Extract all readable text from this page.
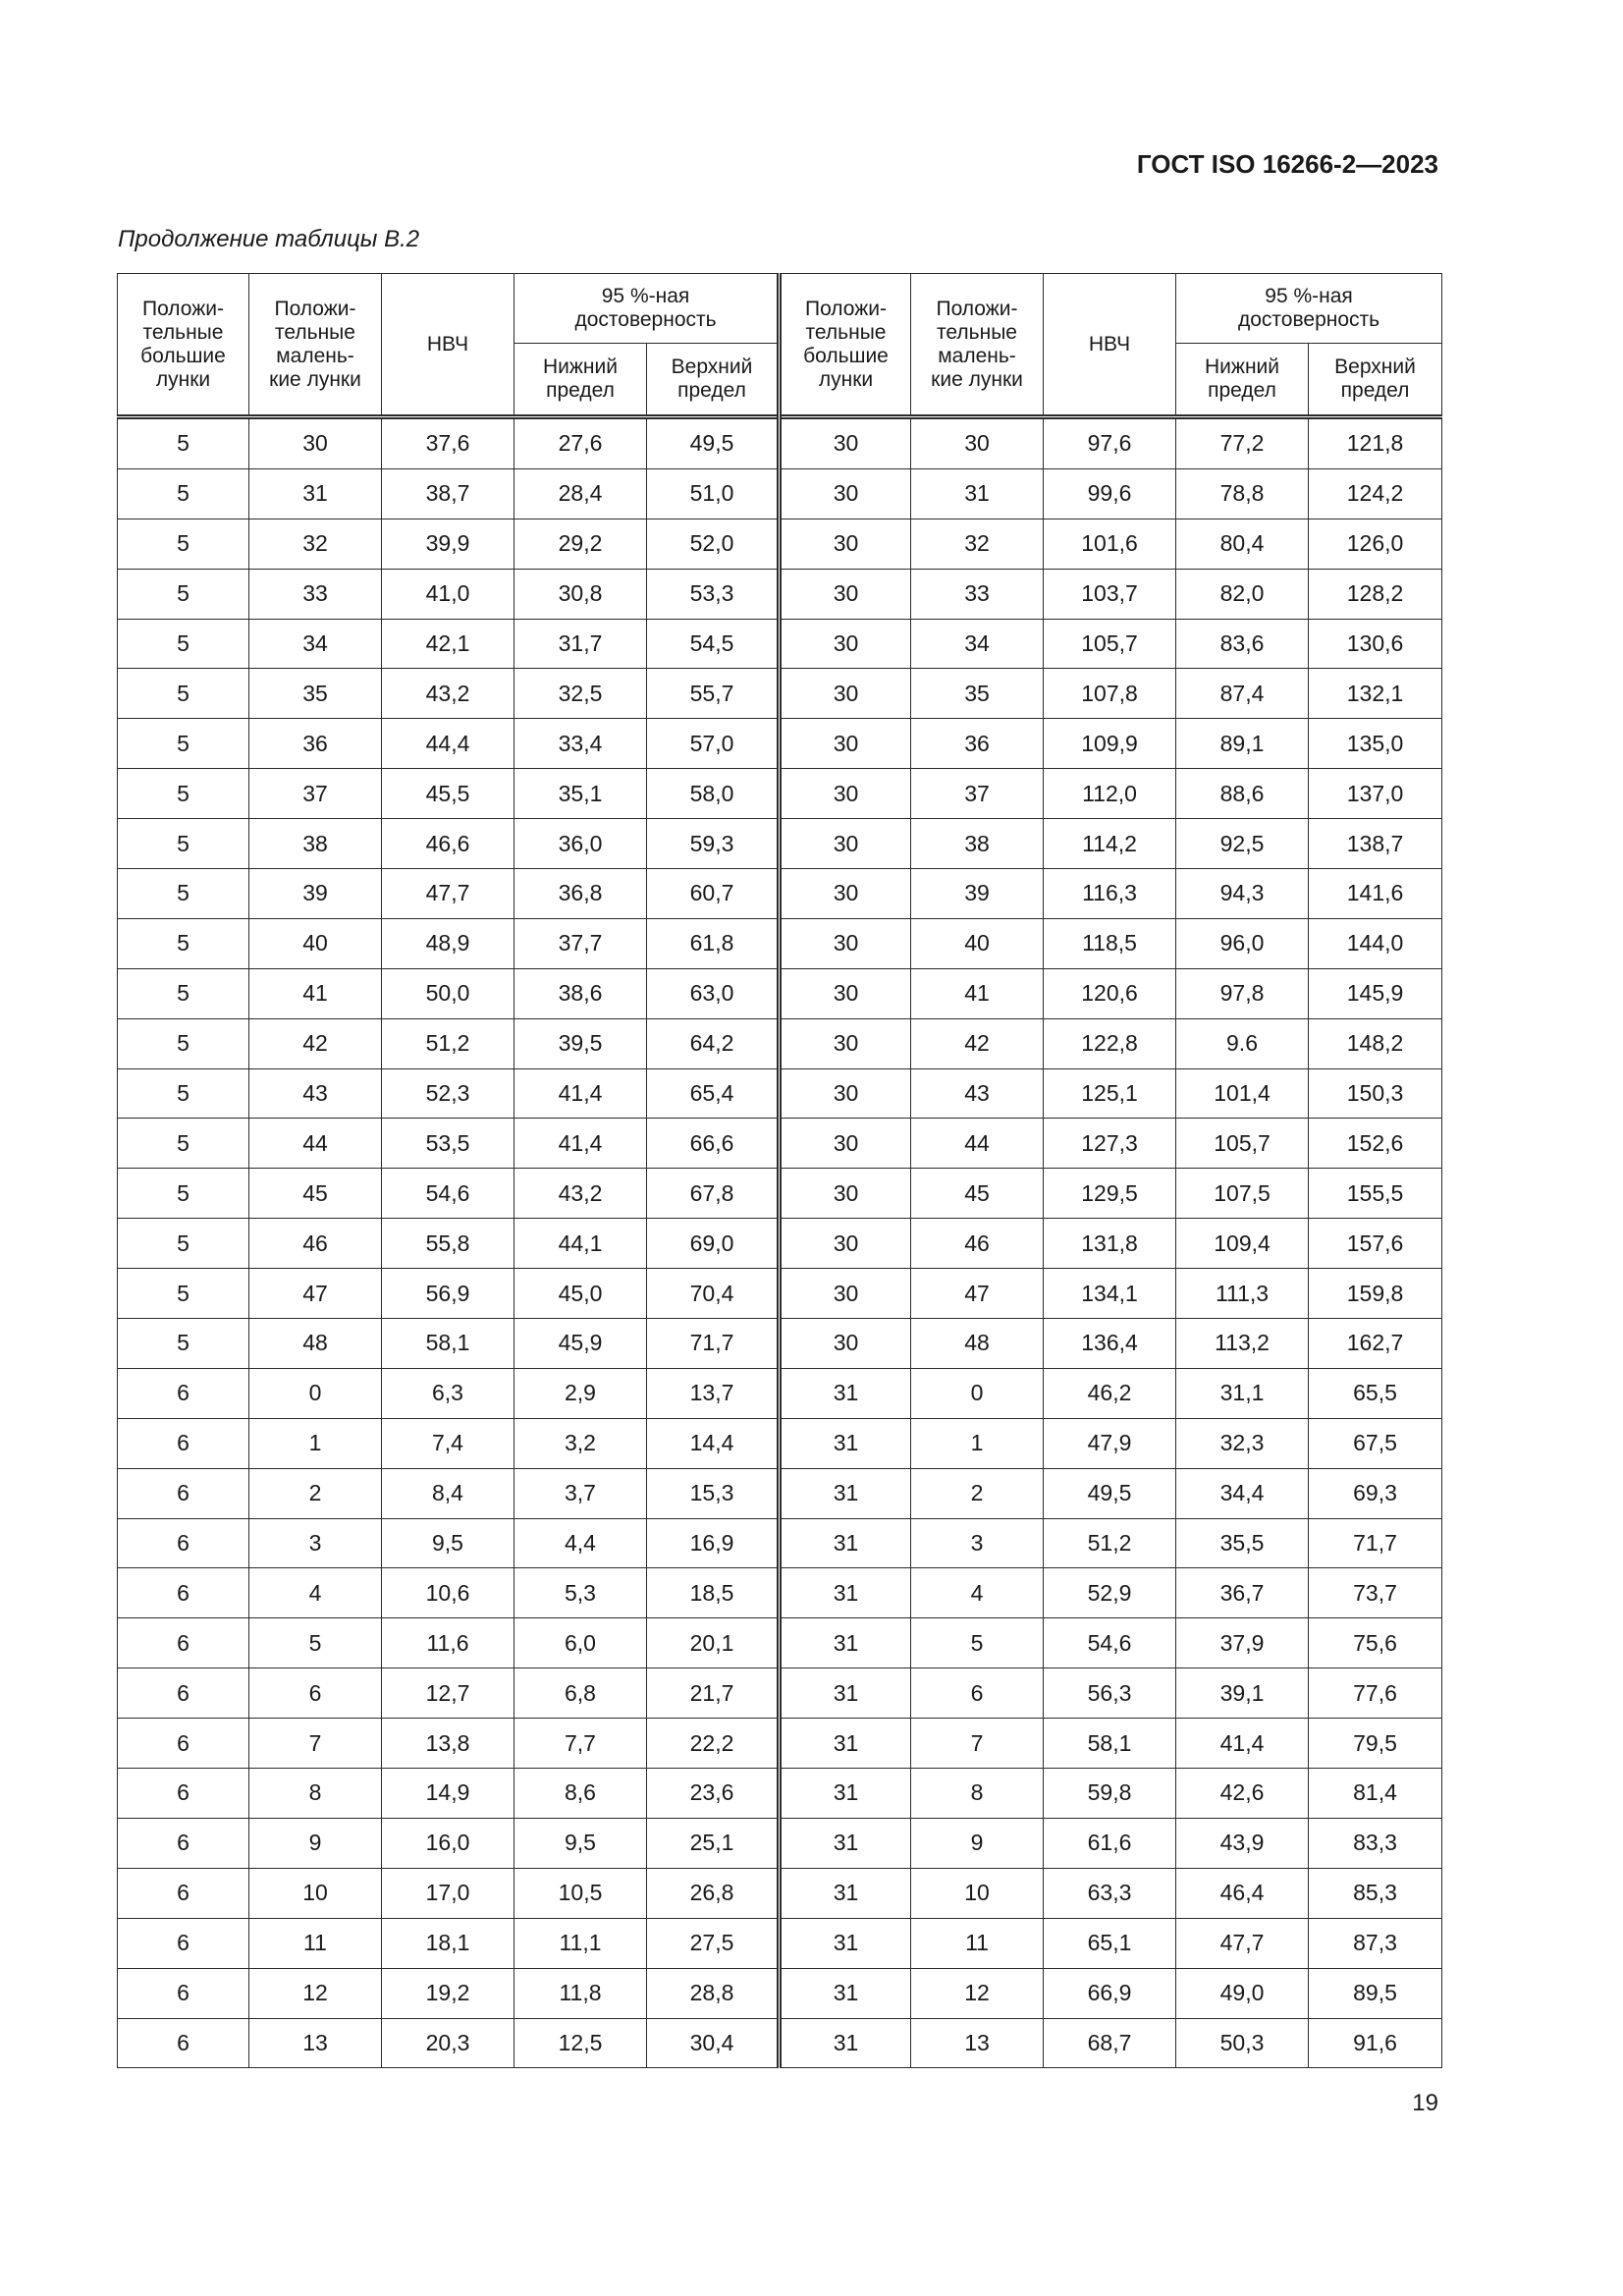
ГОСТ ISO 16266-2—2023
Продолжение таблицы В.2
Положи-
тельные
большие
лунки	Положи-
тельные
малень-
кие лунки	НВЧ	95 %-ная
достоверность		Положи-
тельные
большие
лунки	Положи-
тельные
малень-
кие лунки	НВЧ	95 %-ная
достоверность	
			Нижний
предел	Верхний
предел				Нижний
предел	Верхний
предел
5	30	37,6	27,6	49,5	30	30	97,6	77,2	121,8
5	31	38,7	28,4	51,0	30	31	99,6	78,8	124,2
5	32	39,9	29,2	52,0	30	32	101,6	80,4	126,0
5	33	41,0	30,8	53,3	30	33	103,7	82,0	128,2
5	34	42,1	31,7	54,5	30	34	105,7	83,6	130,6
5	35	43,2	32,5	55,7	30	35	107,8	87,4	132,1
5	36	44,4	33,4	57,0	30	36	109,9	89,1	135,0
5	37	45,5	35,1	58,0	30	37	112,0	88,6	137,0
5	38	46,6	36,0	59,3	30	38	114,2	92,5	138,7
5	39	47,7	36,8	60,7	30	39	116,3	94,3	141,6
5	40	48,9	37,7	61,8	30	40	118,5	96,0	144,0
5	41	50,0	38,6	63,0	30	41	120,6	97,8	145,9
5	42	51,2	39,5	64,2	30	42	122,8	9.6	148,2
5	43	52,3	41,4	65,4	30	43	125,1	101,4	150,3
5	44	53,5	41,4	66,6	30	44	127,3	105,7	152,6
5	45	54,6	43,2	67,8	30	45	129,5	107,5	155,5
5	46	55,8	44,1	69,0	30	46	131,8	109,4	157,6
5	47	56,9	45,0	70,4	30	47	134,1	111,3	159,8
5	48	58,1	45,9	71,7	30	48	136,4	113,2	162,7
6	0	6,3	2,9	13,7	31	0	46,2	31,1	65,5
6	1	7,4	3,2	14,4	31	1	47,9	32,3	67,5
6	2	8,4	3,7	15,3	31	2	49,5	34,4	69,3
6	3	9,5	4,4	16,9	31	3	51,2	35,5	71,7
6	4	10,6	5,3	18,5	31	4	52,9	36,7	73,7
6	5	11,6	6,0	20,1	31	5	54,6	37,9	75,6
6	6	12,7	6,8	21,7	31	6	56,3	39,1	77,6
6	7	13,8	7,7	22,2	31	7	58,1	41,4	79,5
6	8	14,9	8,6	23,6	31	8	59,8	42,6	81,4
6	9	16,0	9,5	25,1	31	9	61,6	43,9	83,3
6	10	17,0	10,5	26,8	31	10	63,3	46,4	85,3
6	11	18,1	11,1	27,5	31	11	65,1	47,7	87,3
6	12	19,2	11,8	28,8	31	12	66,9	49,0	89,5
6	13	20,3	12,5	30,4	31	13	68,7	50,3	91,6
19
